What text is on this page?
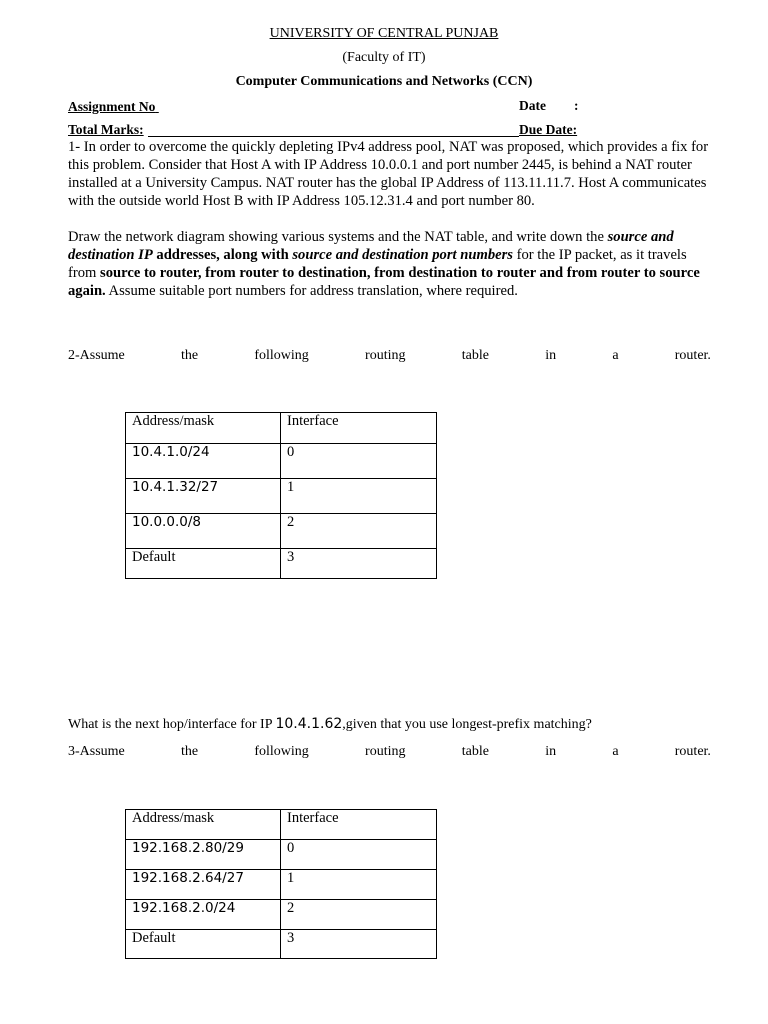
UNIVERSITY OF CENTRAL PUNJAB
(Faculty of IT)
Computer Communications and Networks (CCN)
Assignment No	Date :
Total Marks:	Due Date:
1- In order to overcome the quickly depleting IPv4 address pool, NAT was proposed, which provides a fix for this problem. Consider that Host A with IP Address 10.0.0.1 and port number 2445, is behind a NAT router installed at a University Campus. NAT router has the global IP Address of 113.11.11.7. Host A communicates with the outside world Host B with IP Address 105.12.31.4 and port number 80.
Draw the network diagram showing various systems and the NAT table, and write down the source and destination IP addresses, along with source and destination port numbers for the IP packet, as it travels from source to router, from router to destination, from destination to router and from router to source again. Assume suitable port numbers for address translation, where required.
2-Assume	the	following	routing	table	in	a	router.
Address/mask	Interface
10.4.1.0/24	0
10.4.1.32/27	1
10.0.0.0/8	2
Default	3
What is the next hop/interface for IP 10.4.1.62,given that you use longest-prefix matching?
3-Assume	the	following	routing	table	in	a	router.
Address/mask	Interface
192.168.2.80/29	0
192.168.2.64/27	1
192.168.2.0/24	2
Default	3
